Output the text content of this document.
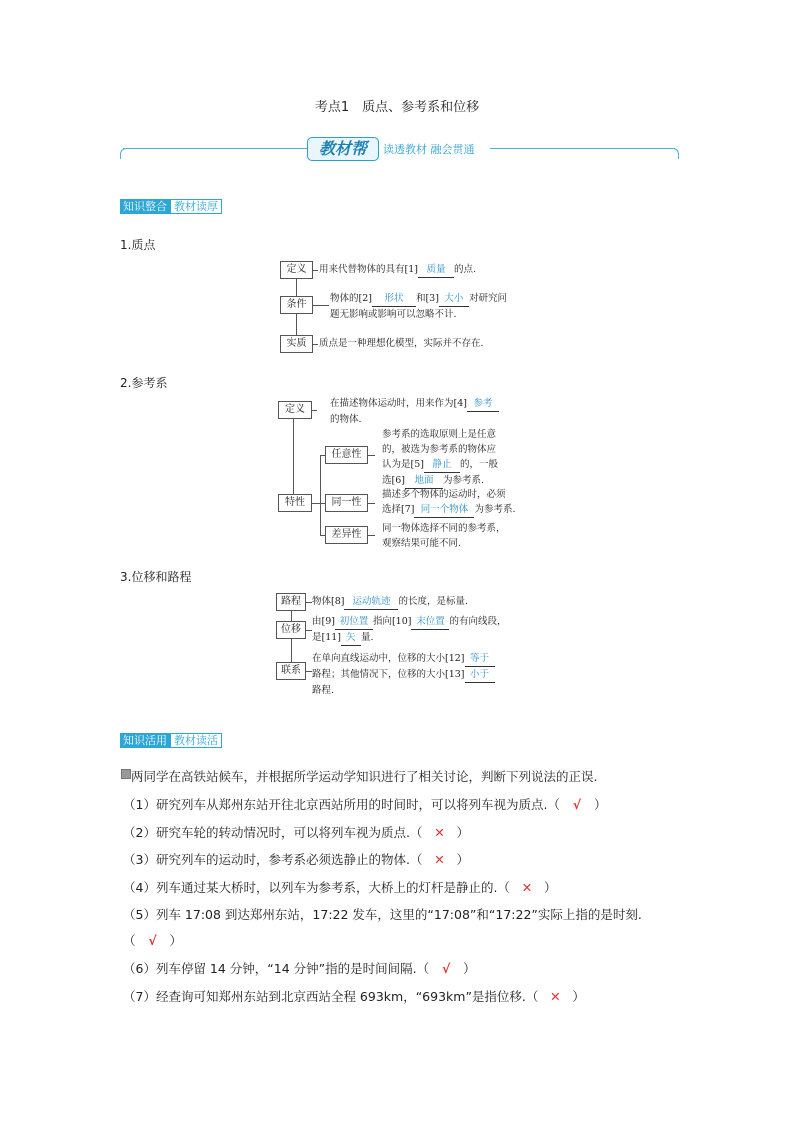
考点1　质点、参考系和位移
教材帮	读透教材 融会贯通
知识整合 教材读厚
1.质点
定义
条件
实质
用来代替物体的具有[1] 质量 的点.
物体的[2] 形状 和[3] 大小 对研究问
题无影响或影响可以忽略不计.
质点是一种理想化模型，实际并不存在.
2.参考系
定义
特性
任意性
同一性
差异性
在描述物体运动时，用来作为[4] 参考
的物体.
参考系的选取原则上是任意
的，被选为参考系的物体应
认为是[5] 静止 的，一般
选[6] 地面 为参考系.
描述多个物体的运动时，必须
选择[7] 同一个物体 为参考系.
同一物体选择不同的参考系，
观察结果可能不同.
3.位移和路程
路程
位移
联系
物体[8] 运动轨迹 的长度，是标量.
由[9] 初位置 指向[10] 末位置 的有向线段，
是[11] 矢 量.
在单向直线运动中，位移的大小[12] 等于
路程；其他情况下，位移的大小[13] 小于
路程.
知识活用 教材读活
两同学在高铁站候车，并根据所学运动学知识进行了相关讨论，判断下列说法的正误.
（1）研究列车从郑州东站开往北京西站所用的时间时，可以将列车视为质点.（ √ ）
（2）研究车轮的转动情况时，可以将列车视为质点.（ ✕ ）
（3）研究列车的运动时，参考系必须选静止的物体.（ ✕ ）
（4）列车通过某大桥时，以列车为参考系，大桥上的灯杆是静止的.（ ✕ ）
（5）列车 17:08 到达郑州东站，17:22 发车，这里的“17:08”和“17:22”实际上指的是时刻.
（ √ ）
（6）列车停留 14 分钟，“14 分钟”指的是时间间隔.（ √ ）
（7）经查询可知郑州东站到北京西站全程 693km，“693km”是指位移.（ ✕ ）
